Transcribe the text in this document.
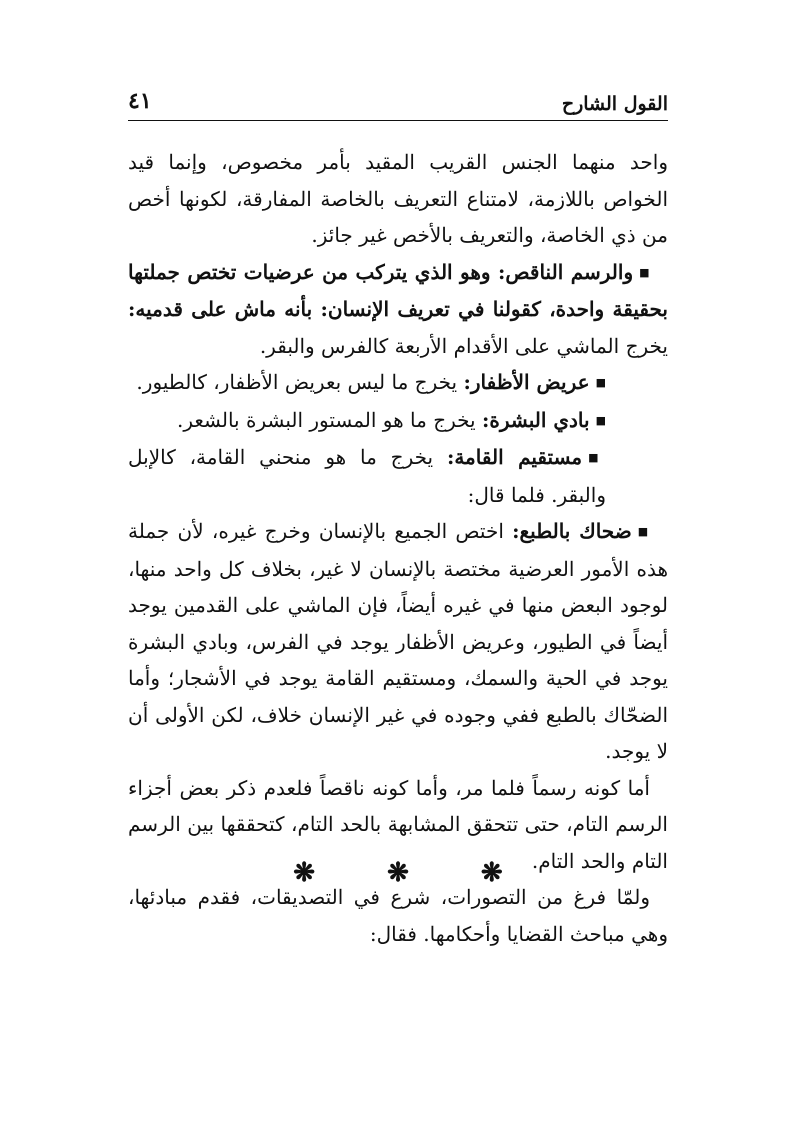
القول الشارح
٤١

واحد منهما الجنس القريب المقيد بأمر مخصوص، وإنما قيد الخواص باللازمة، لامتناع التعريف بالخاصة المفارقة، لكونها أخص من ذي الخاصة، والتعريف بالأخص غير جائز.

■والرسم الناقص: وهو الذي يتركب من عرضيات تختص جملتها بحقيقة واحدة، كقولنا في تعريف الإنسان: بأنه ماش على قدميه: يخرج الماشي على الأقدام الأربعة كالفرس والبقر.

■عريض الأظفار: يخرج ما ليس بعريض الأظفار، كالطيور.

■بادي البشرة: يخرج ما هو المستور البشرة بالشعر.

■مستقيم القامة: يخرج ما هو منحني القامة، كالإبل والبقر. فلما قال:

■ضحاك بالطبع: اختص الجميع بالإنسان وخرج غيره، لأن جملة هذه الأمور العرضية مختصة بالإنسان لا غير، بخلاف كل واحد منها، لوجود البعض منها في غيره أيضاً، فإن الماشي على القدمين يوجد أيضاً في الطيور، وعريض الأظفار يوجد في الفرس، وبادي البشرة يوجد في الحية والسمك، ومستقيم القامة يوجد في الأشجار؛ وأما الضحّاك بالطبع ففي وجوده في غير الإنسان خلاف، لكن الأولى أن لا يوجد.

أما كونه رسماً فلما مر، وأما كونه ناقصاً فلعدم ذكر بعض أجزاء الرسم التام، حتى تتحقق المشابهة بالحد التام، كتحققها بين الرسم التام والحد التام.

ولمّا فرغ من التصورات، شرع في التصديقات، فقدم مبادئها، وهي مباحث القضايا وأحكامها. فقال:

❋❋❋
